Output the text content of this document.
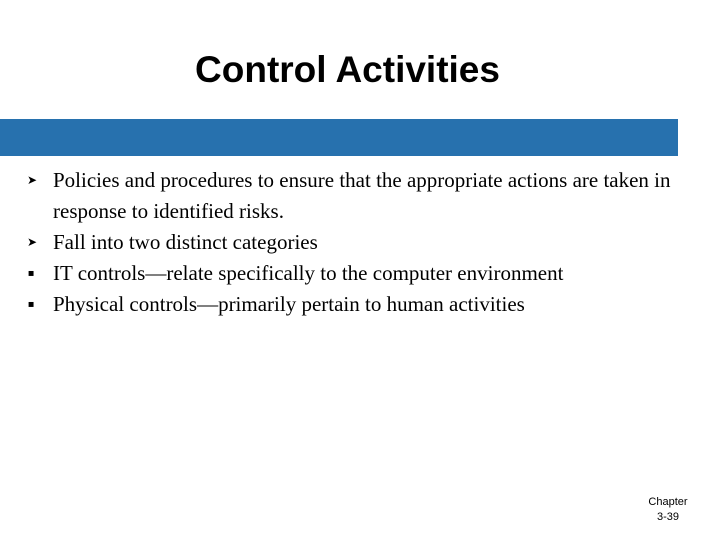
Control Activities
➤ Policies and procedures to ensure that the appropriate actions are taken in response to identified risks.
➤ Fall into two distinct categories
▪ IT controls—relate specifically to the computer environment
▪ Physical controls—primarily pertain to human activities
Chapter
3-39
